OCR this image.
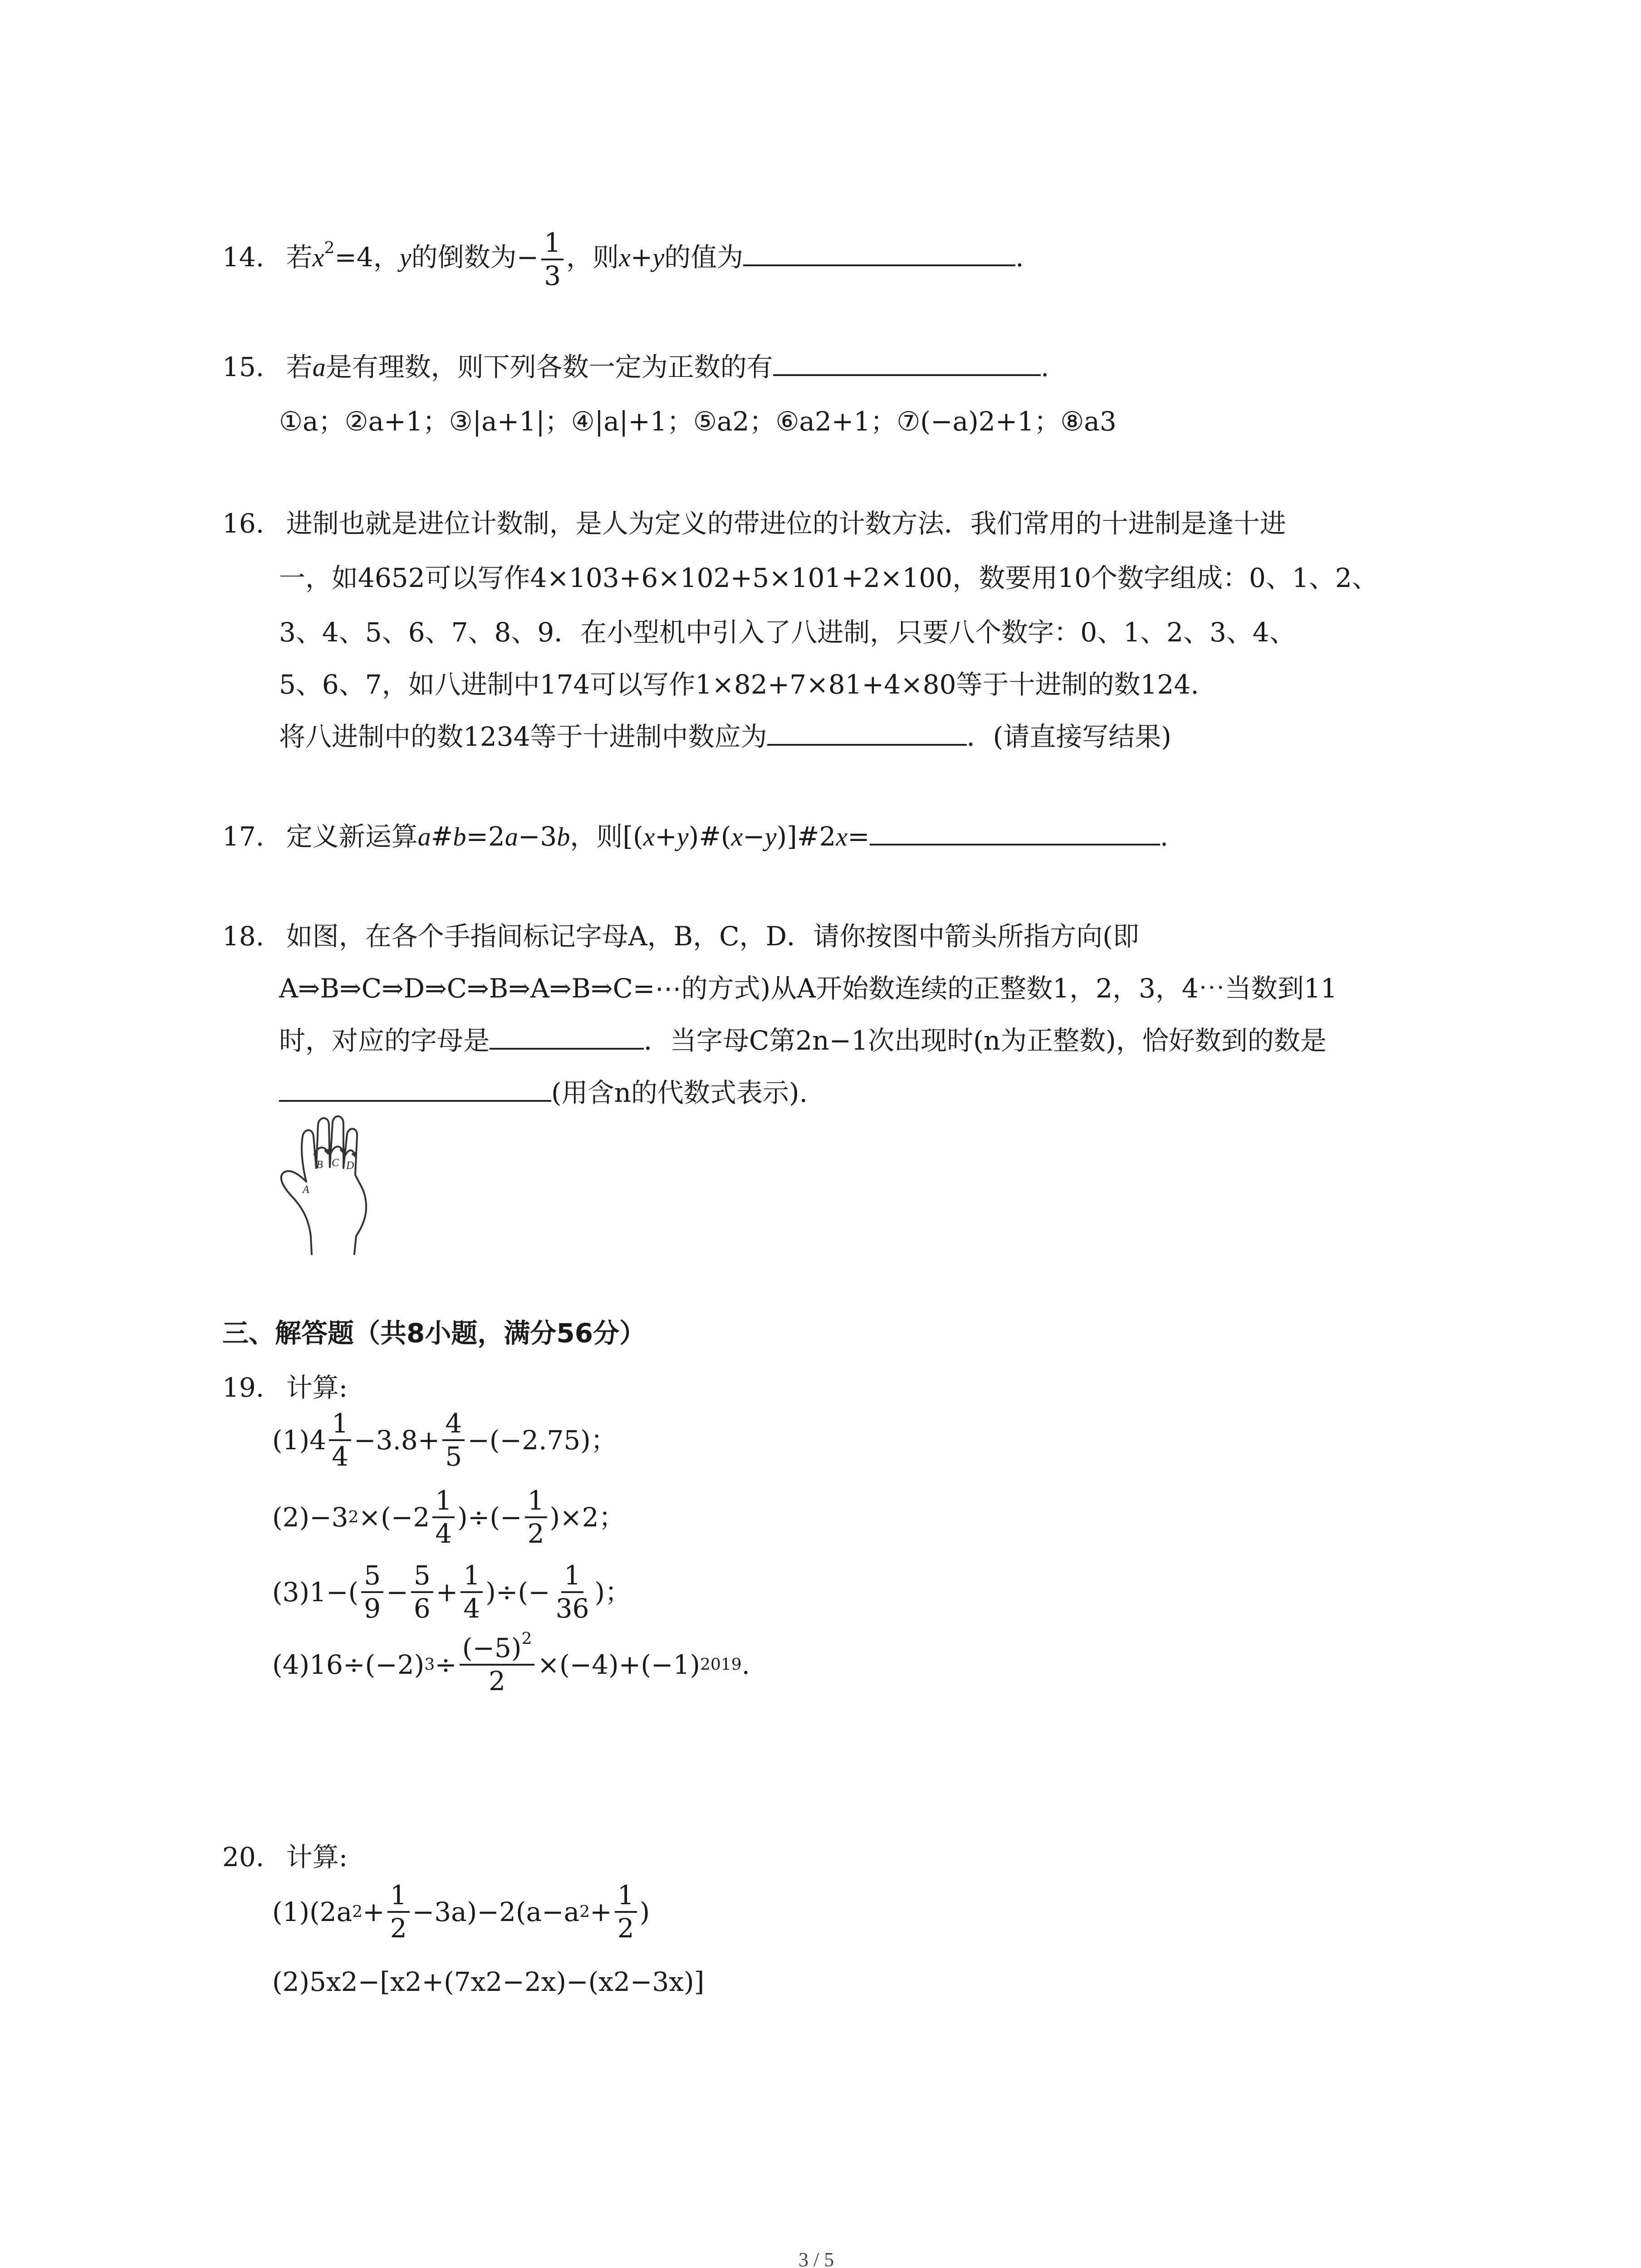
14. 若$x^2=4$，y的倒数为− $\frac{1}{3}$ ，则x+y的值为	.
15. 若a是有理数，则下列各数一定为正数的有	.
①a；②a+1；③|a+1|；④|a|+1；⑤a2；⑥a2+1；⑦(−a)2+1；⑧a3
16. 进制也就是进位计数制，是人为定义的带进位的计数方法．我们常用的十进制是逢十进
一，如4652可以写作4×103+6×102+5×101+2×100，数要用10个数字组成：0、1、2、
3、4、5、6、7、8、9．在小型机中引入了八进制，只要八个数字：0、1、2、3、4、
5、6、7，如八进制中174可以写作1×82+7×81+4×80等于十进制的数124.
将八进制中的数1234等于十进制中数应为	．(请直接写结果)
17. 定义新运算a#b=2a−3b，则[(x+y)#(x−y)]#2x=	.
18. 如图，在各个手指间标记字母A，B，C，D．请你按图中箭头所指方向(即
A⇒B⇒C⇒D⇒C⇒B⇒A⇒B⇒C=⋯的方式)从A开始数连续的正整数1，2，3，4⋯当数到11
时，对应的字母是	．当字母C第2n−1次出现时(n为正整数)，恰好数到的数是
(用含n的代数式表示).
A
B C D
三、解答题（共8小题，满分56分）
19. 计算:
$(1)4 \frac{1}{4} -3.8+ \frac{4}{5} -(-2.75)$；
(2)−3 $2 \times(-2 \frac{1}{4}$ )÷(− $\frac{1}{2} )\times 2$；
$(3)1-( \frac{5}{9} - \frac{5}{6} + \frac{1}{4}$ )÷(− $\frac{1}{36}$ )；
(4)16÷(−2) $3 \div \frac{(-5)^2}{2} \times(-4)+(-1)$ 2019 .
20. 计算:
(1)(2a $2 + \frac{1}{2} -3a)-2(a-a$ $2 + \frac{1}{2}$ )
(2)5x2−[x2+(7x2−2x)−(x2−3x)]
3 / 5
